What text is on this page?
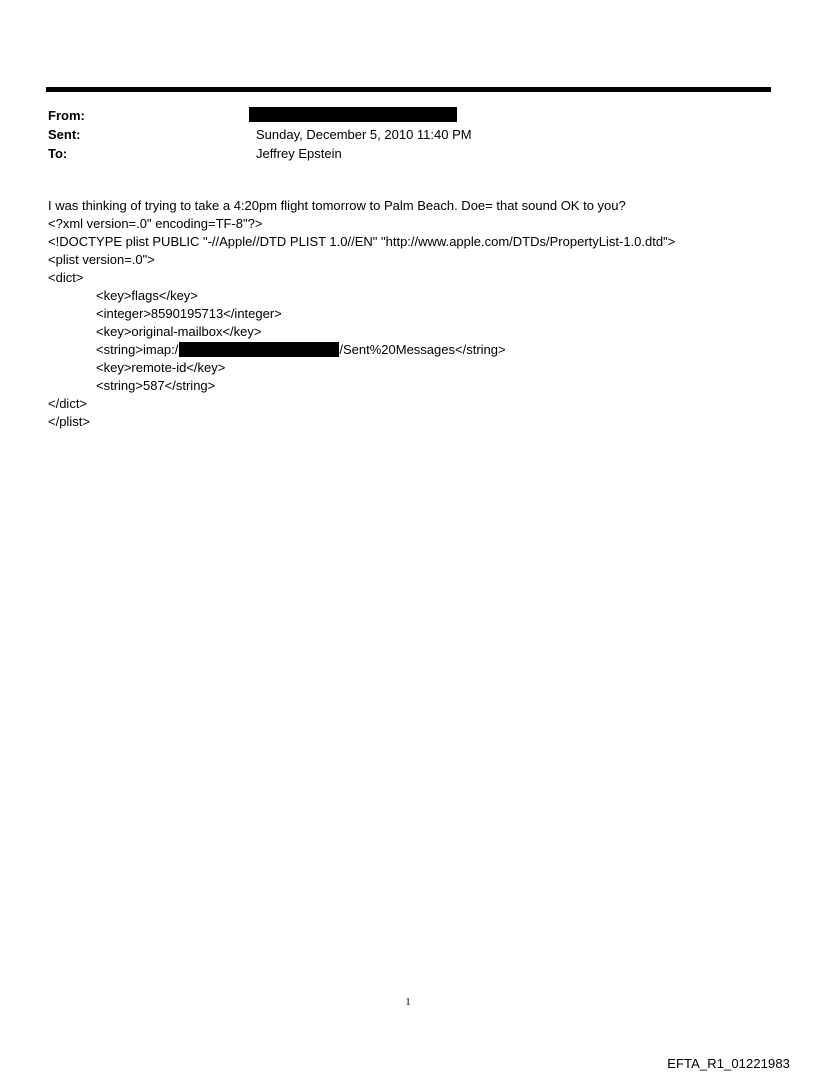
From:
Sent:	Sunday, December 5, 2010 11:40 PM
To:	Jeffrey Epstein
I was thinking of trying to take a 4:20pm flight tomorrow to Palm Beach. Doe= that sound OK to you?
<?xml version=.0" encoding=TF-8"?>
<!DOCTYPE plist PUBLIC "-//Apple//DTD PLIST 1.0//EN" "http://www.apple.com/DTDs/PropertyList-1.0.dtd">
<plist version=.0">
<dict>
<key>flags</key>
<integer>8590195713</integer>
<key>original-mailbox</key>
<string>imap:/	/Sent%20Messages</string>
<key>remote-id</key>
<string>587</string>
</dict>
</plist>
1
EFTA_R1_01221983
